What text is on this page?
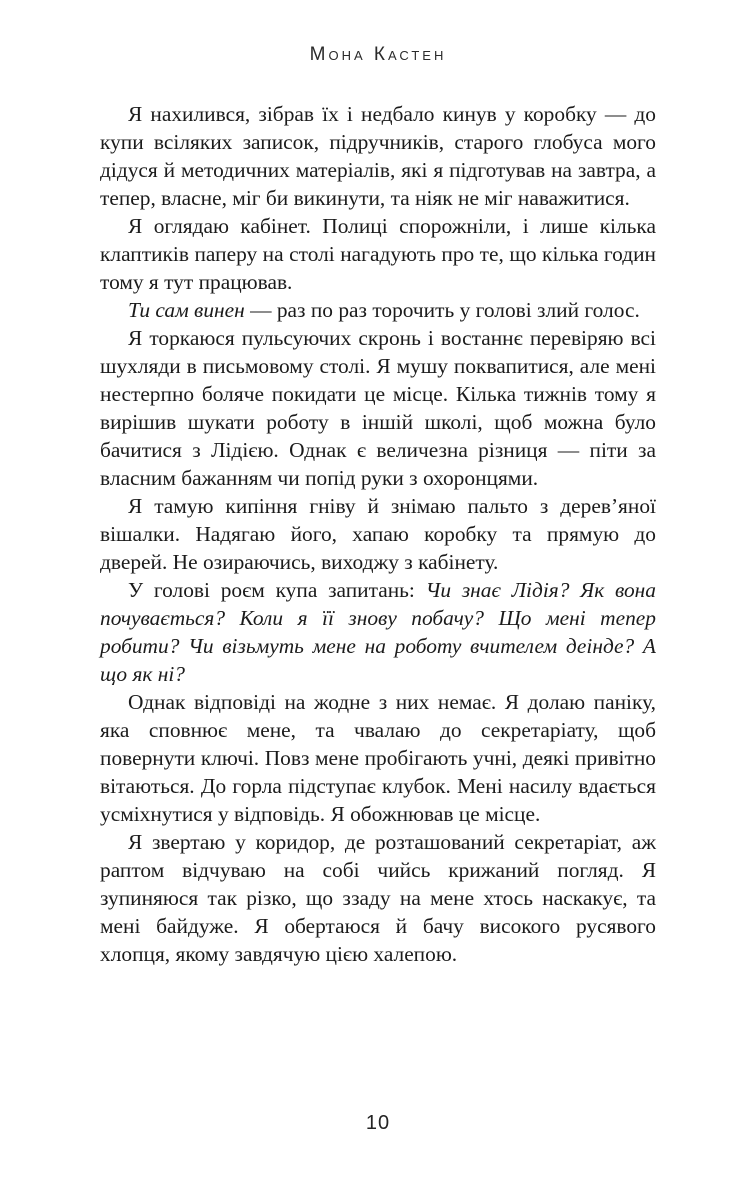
Мона Кастен

Я нахилився, зібрав їх і недбало кинув у коробку — до купи всіляких записок, підручників, старого глобуса мого дідуся й методичних матеріалів, які я підготував на завтра, а тепер, власне, міг би викинути, та ніяк не міг наважитися.

Я оглядаю кабінет. Полиці спорожніли, і лише кілька клаптиків паперу на столі нагадують про те, що кілька годин тому я тут працював.

Ти сам винен — раз по раз торочить у голові злий голос.

Я торкаюся пульсуючих скронь і востаннє перевіряю всі шухляди в письмовому столі. Я мушу поквапитися, але мені нестерпно боляче покидати це місце. Кілька тижнів тому я вирішив шукати роботу в іншій школі, щоб можна було бачитися з Лідією. Однак є величезна різниця — піти за власним бажанням чи попід руки з охоронцями.

Я тамую кипіння гніву й знімаю пальто з дерев’яної вішалки. Надягаю його, хапаю коробку та прямую до дверей. Не озираючись, виходжу з кабінету.

У голові роєм купа запитань: Чи знає Лідія? Як вона почувається? Коли я її знову побачу? Що мені тепер робити? Чи візьмуть мене на роботу вчителем деінде? А що як ні?

Однак відповіді на жодне з них немає. Я долаю паніку, яка сповнює мене, та чвалаю до секретаріату, щоб повернути ключі. Повз мене пробігають учні, деякі привітно вітаються. До горла підступає клубок. Мені насилу вдається усміхнутися у відповідь. Я обожнював це місце.

Я звертаю у коридор, де розташований секретаріат, аж раптом відчуваю на собі чийсь крижаний погляд. Я зупиняюся так різко, що ззаду на мене хтось наскакує, та мені байдуже. Я обертаюся й бачу високого русявого хлопця, якому завдячую цією халепою.

10
